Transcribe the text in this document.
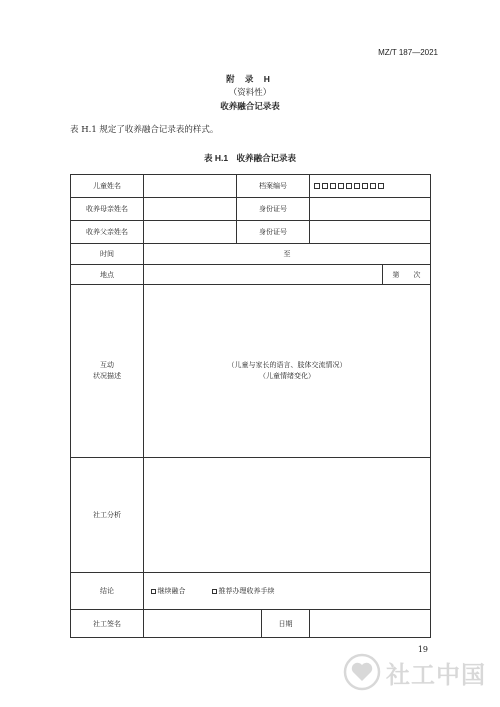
MZ/T 187—2021
附 录 H
（资料性）
收养融合记录表
表 H.1 规定了收养融合记录表的样式。
表 H.1　收养融合记录表
儿童姓名		档案编号			
收养母亲姓名		身份证号			
收养父亲姓名		身份证号			
时间	至				
地点					第　　次

互动
状况描述	（儿童与家长的语言、肢体交流情况）
（儿童情绪变化）				

社工分析					
结论	继续融合 推荐办理收养手续				
社工签名			日期		
19
社工中国
